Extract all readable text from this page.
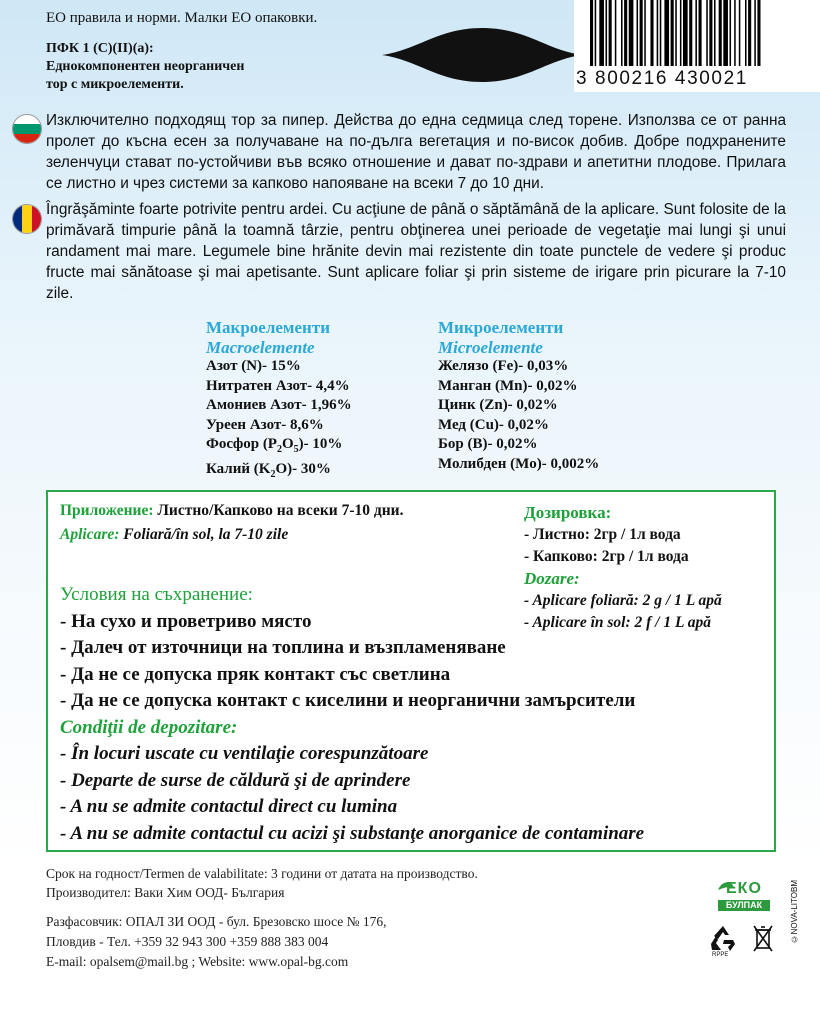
ЕО правила и норми. Малки ЕО опаковки.
ПФК 1 (С)(II)(а):
Еднокомпонентен неорганичен
тор с микроелементи.	3 800216 430021
Изключително подходящ тор за пипер. Действа до една седмица след торене. Използва се от ранна пролет до късна есен за получаване на по-дълга вегетация и по-висок добив. Добре подхранените зеленчуци стават по-устойчиви във всяко отношение и дават по-здрави и апетитни плодове. Прилага се листно и чрез системи за капково напояване на всеки 7 до 10 дни.
Îngrăşăminte foarte potrivite pentru ardei. Cu acţiune de până o săptămână de la aplicare. Sunt folosite de la primăvară timpurie până la toamnă târzie, pentru obţinerea unei perioade de vegetaţie mai lungi şi unui randament mai mare. Legumele bine hrănite devin mai rezistente din toate punctele de vedere şi produc fructe mai sănătoase şi mai apetisante. Sunt aplicare foliar şi prin sisteme de irigare prin picurare la 7-10 zile.
Макроелементи
Macroelemente
Азот (N)- 15%
Нитратен Азот- 4,4%
Амониев Азот- 1,96%
Уреен Азот- 8,6%
Фосфор $(P_2O_5)-$ 10%
Калий $(K_2O)-$ 30%
Микроелементи
Microelemente
Желязо (Fe)- 0,03%
Манган (Mn)- 0,02%
Цинк (Zn)- 0,02%
Мед (Cu)- 0,02%
Бор (B)- 0,02%
Молибден (Mo)- 0,002%
Приложение: Листно/Капково на всеки 7-10 дни.
Aplicare: Foliară/în sol, la 7-10 zile
Дозировка:
- Листно: 2гр / 1л вода
- Капково: 2гр / 1л вода
Dozare:
- Aplicare foliară: 2 g / 1 L apă
- Aplicare în sol: 2 f / 1 L apă
Условия на съхранение:
- На сухо и проветриво място
- Далеч от източници на топлина и възпламеняване
- Да не се допуска пряк контакт със светлина
- Да не се допуска контакт с киселини и неорганични замърсители
Condiţii de depozitare:
- În locuri uscate cu ventilaţie corespunzătoare
- Departe de surse de căldură şi de aprindere
- A nu se admite contactul direct cu lumina
- A nu se admite contactul cu acizi şi substanţe anorganice de contaminare
Срок на годност/Termen de valabilitate: 3 години от датата на производство.
Производител: Ваки Хим ООД- България
Разфасовчик: ОПАЛ ЗИ ООД - бул. Брезовско шосе № 176,
Пловдив - Тел. +359 32 943 300 +359 888 383 004
E-mail: opalsem@mail.bg ; Website: www.opal-bg.com
ЕКО
БУЛПАК
RPPE
©NOVA-LITOBM
